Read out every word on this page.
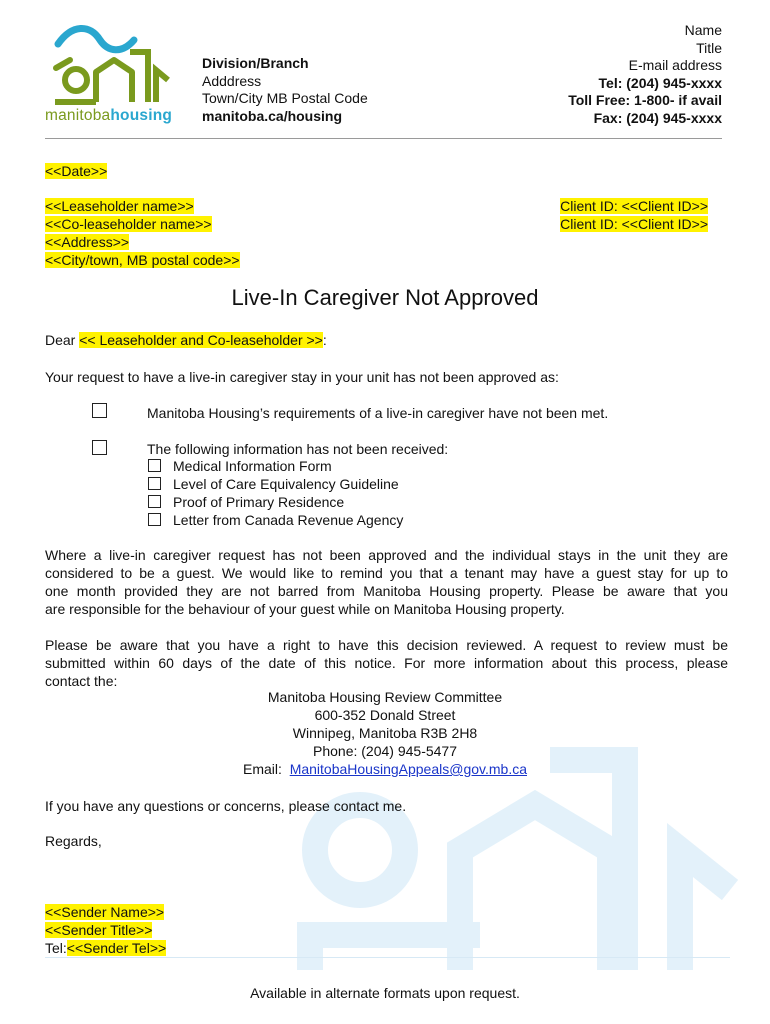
manitobahousing
Division/Branch
Adddress
Town/City MB Postal Code
manitoba.ca/housing
Name
Title
E-mail address
Tel: (204) 945-xxxx
Toll Free: 1-800- if avail
Fax: (204) 945-xxxx
<<Date>>
<<Leaseholder name>>
<<Co-leaseholder name>>
<<Address>>
<<City/town, MB postal code>>
Client ID: <<Client ID>>
Client ID: <<Client ID>>
Live-In Caregiver Not Approved
Dear << Leaseholder and Co-leaseholder >>:
Your request to have a live-in caregiver stay in your unit has not been approved as:
Manitoba Housing’s requirements of a live-in caregiver have not been met.
The following information has not been received:
Medical Information Form
Level of Care Equivalency Guideline
Proof of Primary Residence
Letter from Canada Revenue Agency
Where a live-in caregiver request has not been approved and the individual stays in the unit they are
considered to be a guest. We would like to remind you that a tenant may have a guest stay for up to
one month provided they are not barred from Manitoba Housing property. Please be aware that you
are responsible for the behaviour of your guest while on Manitoba Housing property.
Please be aware that you have a right to have this decision reviewed. A request to review must be
submitted within 60 days of the date of this notice. For more information about this process, please
contact the:
Manitoba Housing Review Committee
600-352 Donald Street
Winnipeg, Manitoba R3B 2H8
Phone: (204) 945-5477
Email:  ManitobaHousingAppeals@gov.mb.ca
If you have any questions or concerns, please contact me.
Regards,
<<Sender Name>>
<<Sender Title>>
Tel:<<Sender Tel>>
Available in alternate formats upon request.
